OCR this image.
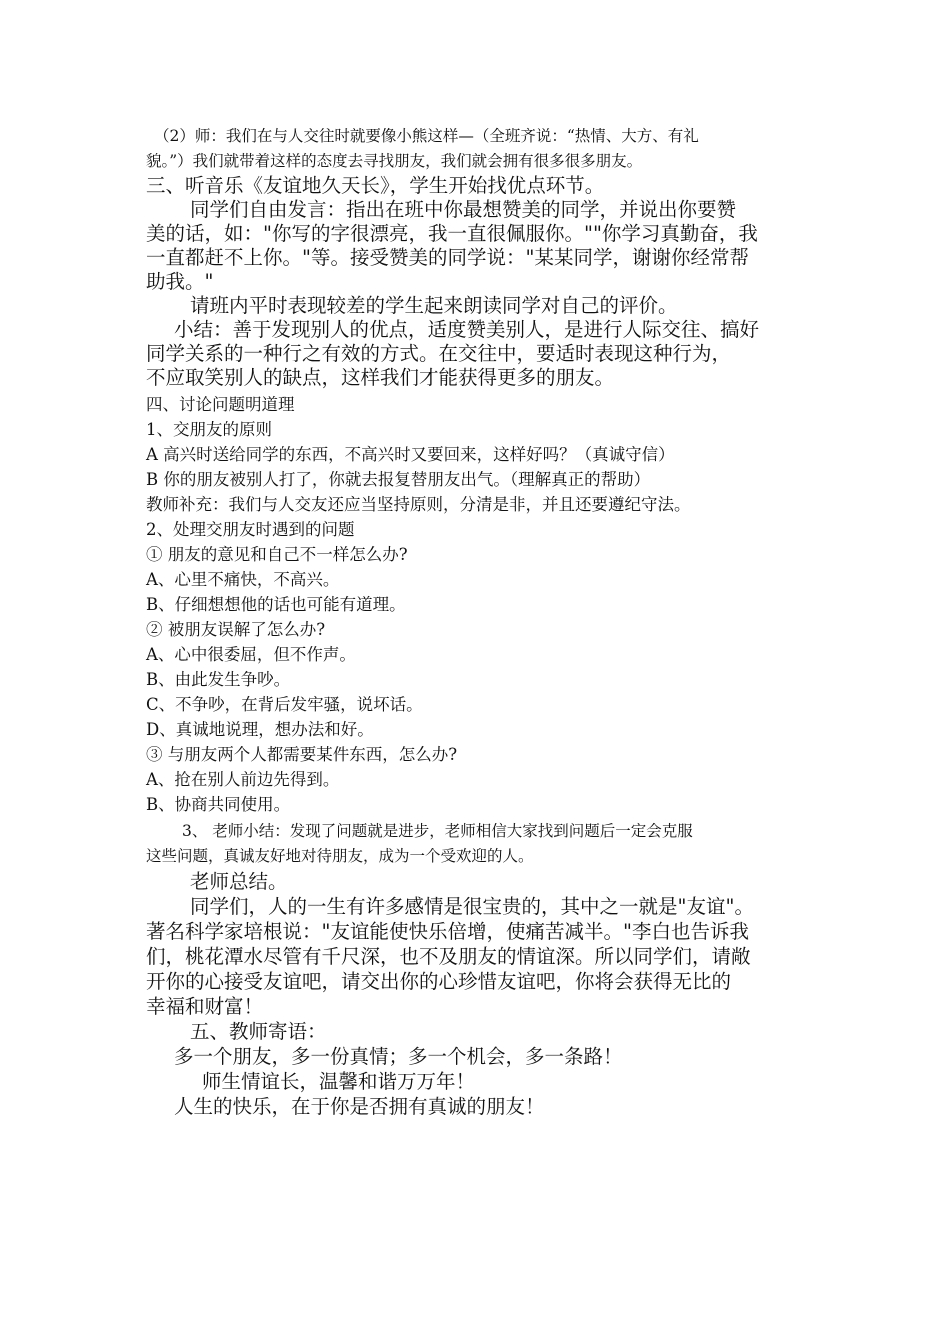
（2）师：我们在与人交往时就要像小熊这样—（全班齐说：“热情、大方、有礼

貌。”）我们就带着这样的态度去寻找朋友，我们就会拥有很多很多朋友。

三、听音乐《友谊地久天长》，学生开始找优点环节。

同学们自由发言：指出在班中你最想赞美的同学，并说出你要赞

美的话，如："你写的字很漂亮，我一直很佩服你。""你学习真勤奋，我

一直都赶不上你。"等。接受赞美的同学说："某某同学，谢谢你经常帮

助我。"

请班内平时表现较差的学生起来朗读同学对自己的评价。

小结：善于发现别人的优点，适度赞美别人，是进行人际交往、搞好

同学关系的一种行之有效的方式。在交往中，要适时表现这种行为，

不应取笑别人的缺点，这样我们才能获得更多的朋友。

四、讨论问题明道理

1、交朋友的原则

A 高兴时送给同学的东西，不高兴时又要回来，这样好吗？（真诚守信）

B 你的朋友被别人打了，你就去报复替朋友出气。（理解真正的帮助）

教师补充：我们与人交友还应当坚持原则，分清是非，并且还要遵纪守法。

2、处理交朋友时遇到的问题

① 朋友的意见和自己不一样怎么办?

A、心里不痛快，不高兴。

B、仔细想想他的话也可能有道理。

② 被朋友误解了怎么办?

A、心中很委屈，但不作声。

B、由此发生争吵。

C、不争吵，在背后发牢骚，说坏话。

D、真诚地说理，想办法和好。

③ 与朋友两个人都需要某件东西，怎么办?

A、抢在别人前边先得到。

B、协商共同使用。

3、 老师小结：发现了问题就是进步，老师相信大家找到问题后一定会克服

这些问题，真诚友好地对待朋友，成为一个受欢迎的人。

老师总结。

同学们，人的一生有许多感情是很宝贵的，其中之一就是"友谊"。

著名科学家培根说："友谊能使快乐倍增，使痛苦减半。"李白也告诉我

们，桃花潭水尽管有千尺深，也不及朋友的情谊深。所以同学们，请敞

开你的心接受友谊吧，请交出你的心珍惜友谊吧，你将会获得无比的

幸福和财富！

五、教师寄语：

多一个朋友，多一份真情；多一个机会，多一条路！

师生情谊长，温馨和谐万万年！

人生的快乐，在于你是否拥有真诚的朋友！
